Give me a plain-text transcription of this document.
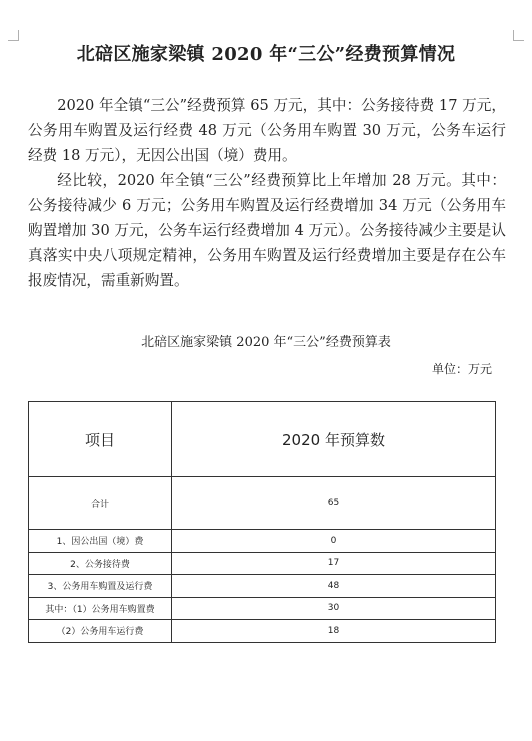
北碚区施家梁镇 2020 年“三公”经费预算情况

2020 年全镇“三公”经费预算 65 万元，其中：公务接待费 17 万元，公务用车购置及运行经费 48 万元（公务用车购置 30 万元，公务车运行经费 18 万元），无因公出国（境）费用。

经比较，2020 年全镇“三公”经费预算比上年增加 28 万元。其中：公务接待减少 6 万元；公务用车购置及运行经费增加 34 万元（公务用车购置增加 30 万元，公务车运行经费增加 4 万元）。公务接待减少主要是认真落实中央八项规定精神，公务用车购置及运行经费增加主要是存在公车报废情况，需重新购置。

北碚区施家梁镇 2020 年“三公”经费预算表
单位：万元
项目	2020 年预算数
合计	65
1、因公出国（境）费	0
2、公务接待费	17
3、公务用车购置及运行费	48
其中：（1）公务用车购置费	30
（2）公务用车运行费	18
